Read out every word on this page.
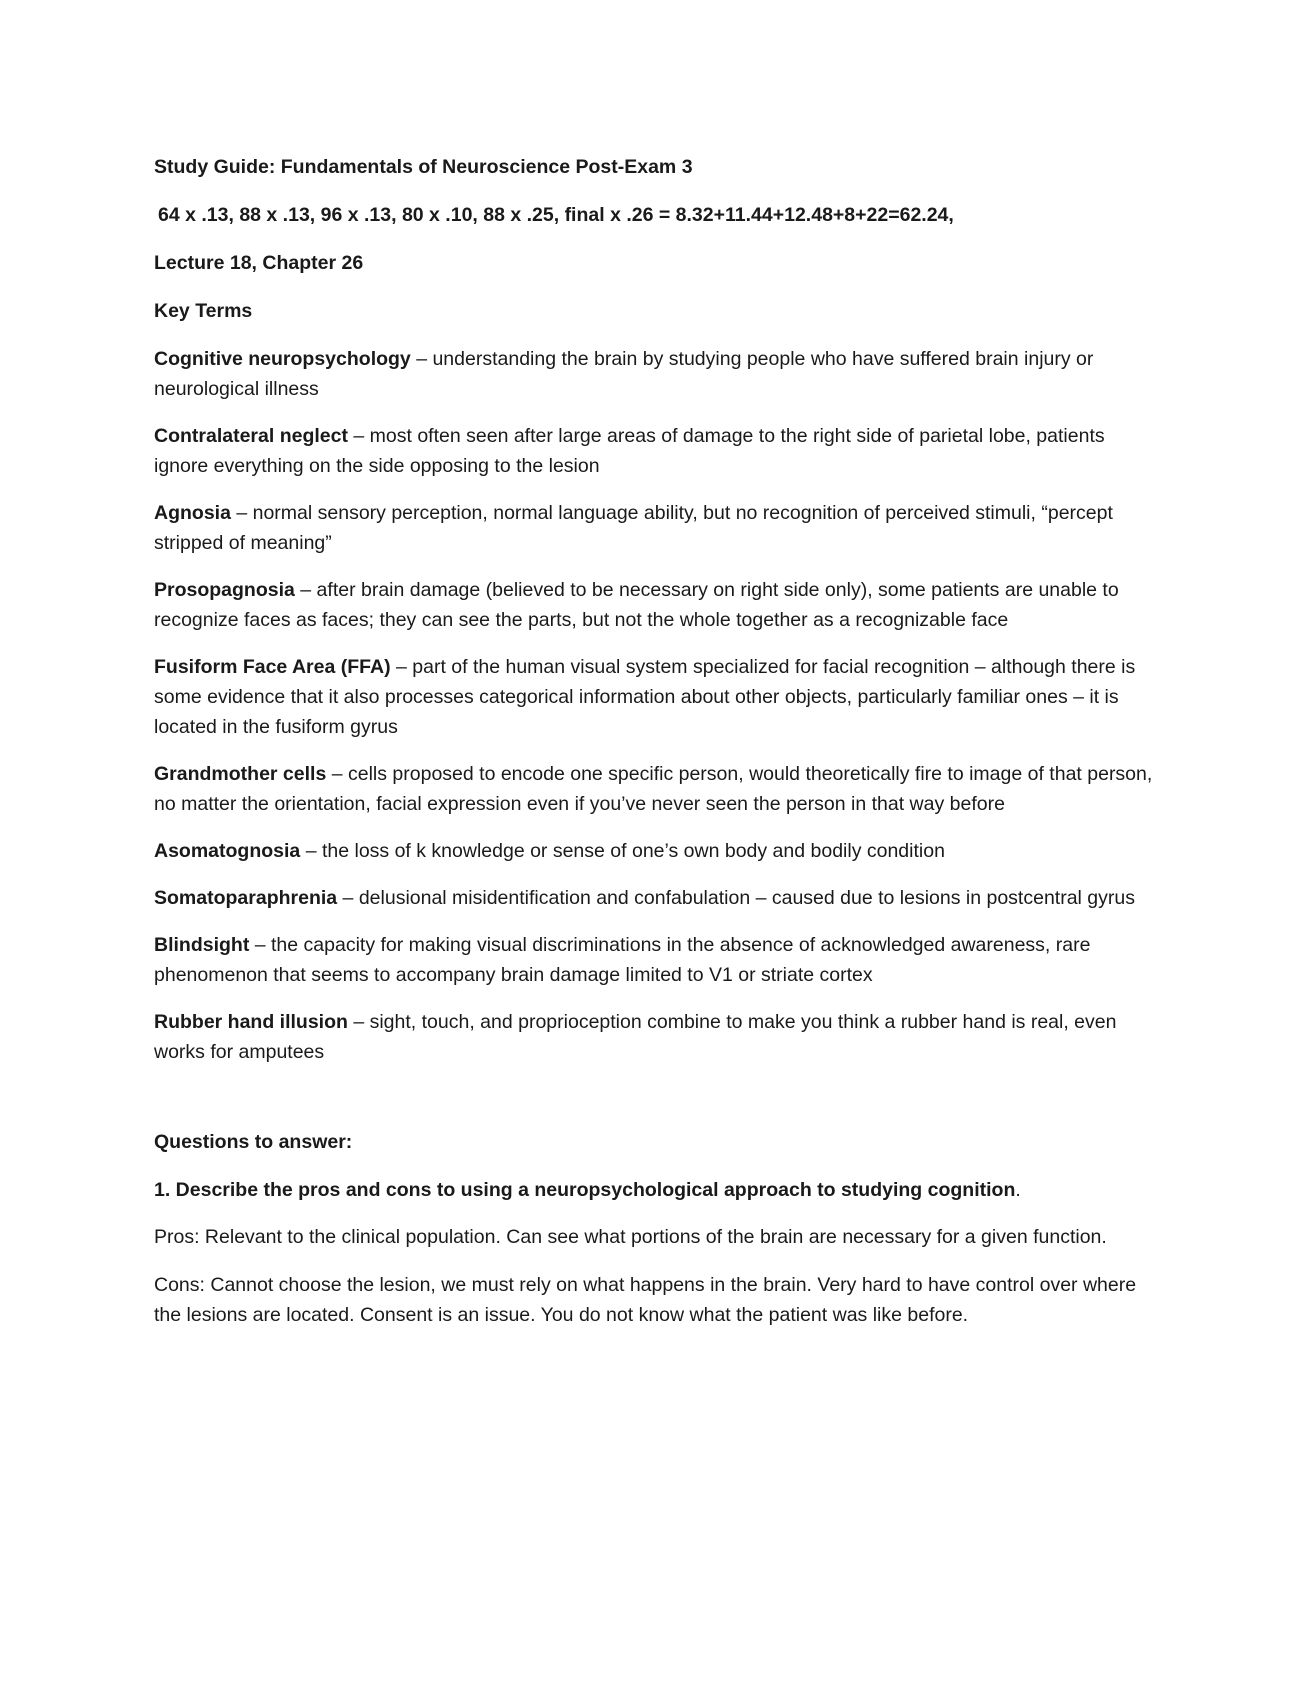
Study Guide: Fundamentals of Neuroscience Post-Exam 3

64 x .13, 88 x .13, 96 x .13, 80 x .10, 88 x .25, final x .26 = 8.32+11.44+12.48+8+22=62.24,

Lecture 18, Chapter 26

Key Terms

Cognitive neuropsychology – understanding the brain by studying people who have suffered brain injury or neurological illness

Contralateral neglect – most often seen after large areas of damage to the right side of parietal lobe, patients ignore everything on the side opposing to the lesion

Agnosia – normal sensory perception, normal language ability, but no recognition of perceived stimuli, “percept stripped of meaning”

Prosopagnosia – after brain damage (believed to be necessary on right side only), some patients are unable to recognize faces as faces; they can see the parts, but not the whole together as a recognizable face

Fusiform Face Area (FFA) – part of the human visual system specialized for facial recognition – although there is some evidence that it also processes categorical information about other objects, particularly familiar ones – it is located in the fusiform gyrus

Grandmother cells – cells proposed to encode one specific person, would theoretically fire to image of that person, no matter the orientation, facial expression even if you’ve never seen the person in that way before

Asomatognosia – the loss of k knowledge or sense of one’s own body and bodily condition

Somatoparaphrenia – delusional misidentification and confabulation – caused due to lesions in postcentral gyrus

Blindsight – the capacity for making visual discriminations in the absence of acknowledged awareness, rare phenomenon that seems to accompany brain damage limited to V1 or striate cortex

Rubber hand illusion – sight, touch, and proprioception combine to make you think a rubber hand is real, even works for amputees

Questions to answer:

1. Describe the pros and cons to using a neuropsychological approach to studying cognition.

Pros: Relevant to the clinical population. Can see what portions of the brain are necessary for a given function.

Cons: Cannot choose the lesion, we must rely on what happens in the brain. Very hard to have control over where the lesions are located. Consent is an issue. You do not know what the patient was like before.
